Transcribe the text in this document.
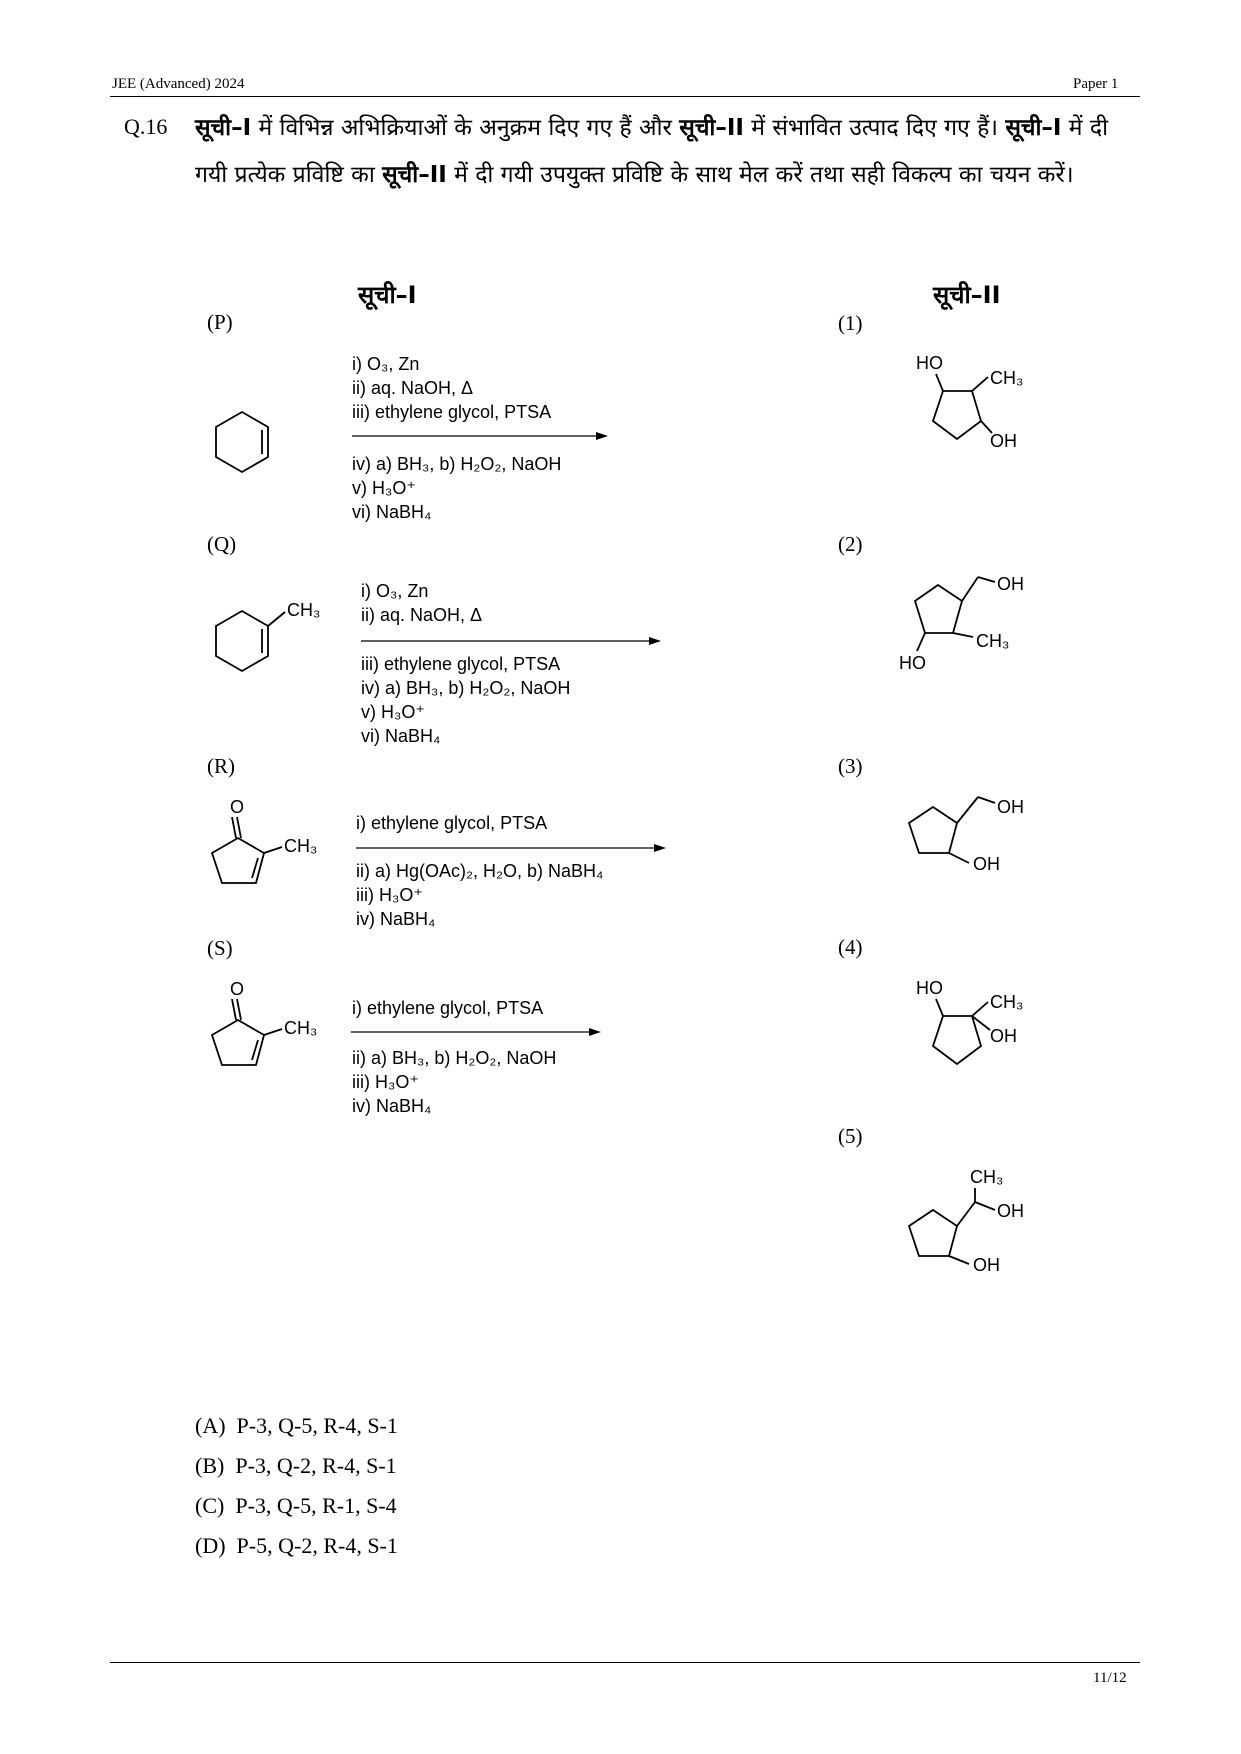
JEE (Advanced) 2024	Paper 1
Q.16 सूची–I में विभिन्न अभिक्रियाओं के अनुक्रम दिए गए हैं और सूची–II में संभावित उत्पाद दिए गए हैं। सूची–I में दी गयी प्रत्येक प्रविष्टि का सूची–II में दी गयी उपयुक्त प्रविष्टि के साथ मेल करें तथा सही विकल्प का चयन करें।
सूची–I	सूची–II
(P)
i) O₃, Zn
ii) aq. NaOH, Δ
iii) ethylene glycol, PTSA
iv) a) BH₃, b) H₂O₂, NaOH
v) H₃O⁺
vi) NaBH₄
(Q)
CH₃
i) O₃, Zn
ii) aq. NaOH, Δ
iii) ethylene glycol, PTSA
iv) a) BH₃, b) H₂O₂, NaOH
v) H₃O⁺
vi) NaBH₄
(R)
O
CH₃
i) ethylene glycol, PTSA
ii) a) Hg(OAc)₂, H₂O, b) NaBH₄
iii) H₃O⁺
iv) NaBH₄
(S)
O
CH₃
i) ethylene glycol, PTSA
ii) a) BH₃, b) H₂O₂, NaOH
iii) H₃O⁺
iv) NaBH₄
(1)
HO
CH₃
OH
(2)
OH
CH₃
HO
(3)
OH
OH
(4)
HO
CH₃
OH
(5)
CH₃
OH
OH
(A) P-3, Q-5, R-4, S-1
(B) P-3, Q-2, R-4, S-1
(C) P-3, Q-5, R-1, S-4
(D) P-5, Q-2, R-4, S-1
11/12
